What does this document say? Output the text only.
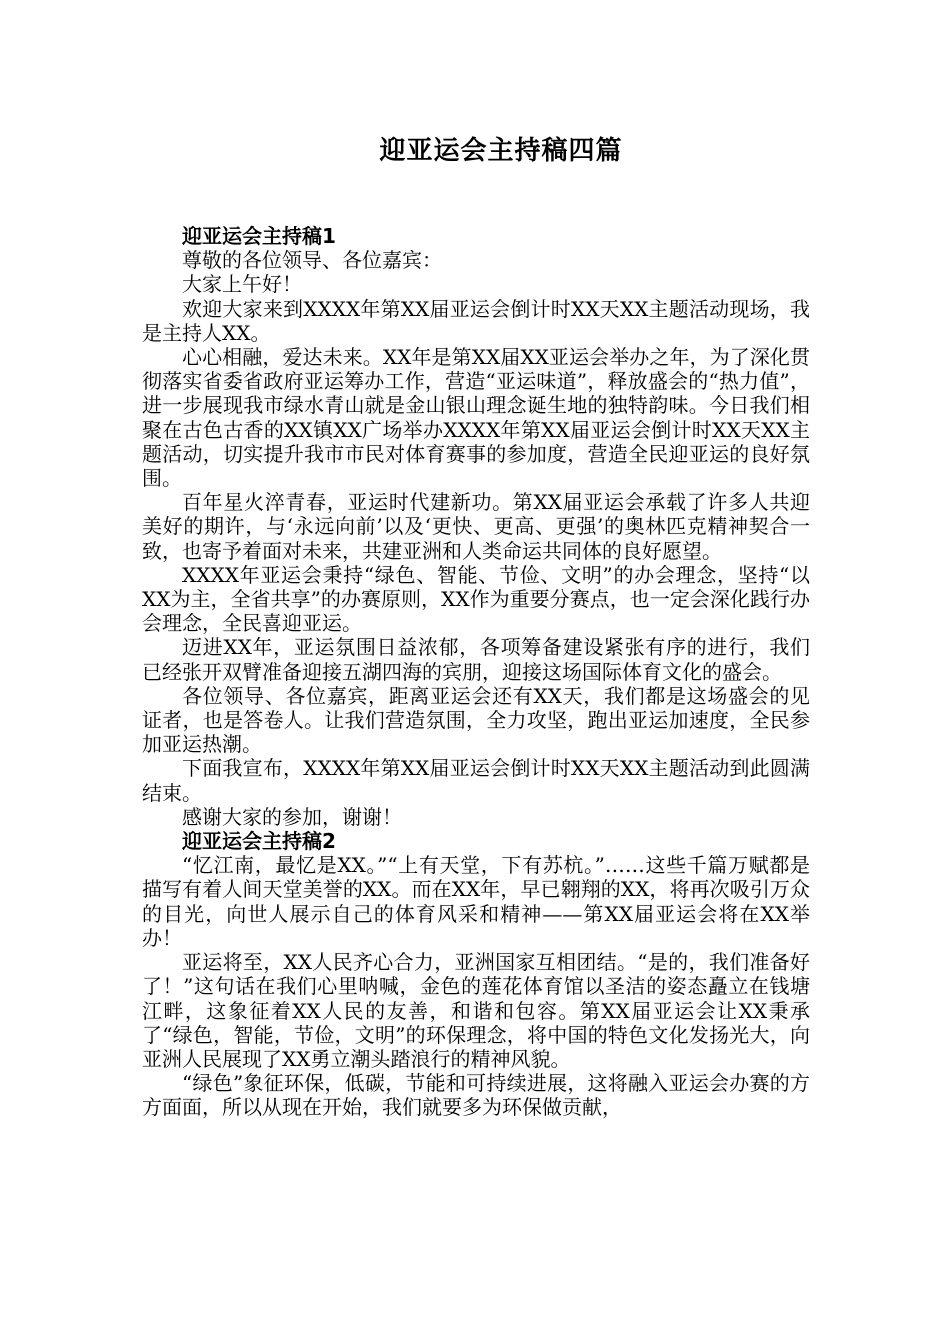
迎亚运会主持稿四篇

迎亚运会主持稿1

尊敬的各位领导、各位嘉宾：

大家上午好！

欢迎大家来到XXXX年第XX届亚运会倒计时XX天XX主题活动现场，我是主持人XX。

心心相融，爱达未来。XX年是第XX届XX亚运会举办之年，为了深化贯彻落实省委省政府亚运筹办工作，营造“亚运味道”，释放盛会的“热力值”，进一步展现我市绿水青山就是金山银山理念诞生地的独特韵味。今日我们相聚在古色古香的XX镇XX广场举办XXXX年第XX届亚运会倒计时XX天XX主题活动，切实提升我市市民对体育赛事的参加度，营造全民迎亚运的良好氛围。

百年星火淬青春，亚运时代建新功。第XX届亚运会承载了许多人共迎美好的期许，与‘永远向前’以及‘更快、更高、更强’的奥林匹克精神契合一致，也寄予着面对未来，共建亚洲和人类命运共同体的良好愿望。

XXXX年亚运会秉持“绿色、智能、节俭、文明”的办会理念，坚持“以XX为主，全省共享”的办赛原则，XX作为重要分赛点，也一定会深化践行办会理念，全民喜迎亚运。

迈进XX年，亚运氛围日益浓郁，各项筹备建设紧张有序的进行，我们已经张开双臂准备迎接五湖四海的宾朋，迎接这场国际体育文化的盛会。

各位领导、各位嘉宾，距离亚运会还有XX天，我们都是这场盛会的见证者，也是答卷人。让我们营造氛围，全力攻坚，跑出亚运加速度，全民参加亚运热潮。

下面我宣布，XXXX年第XX届亚运会倒计时XX天XX主题活动到此圆满结束。

感谢大家的参加，谢谢！

迎亚运会主持稿2

“忆江南，最忆是XX。”“上有天堂，下有苏杭。”……这些千篇万赋都是描写有着人间天堂美誉的XX。而在XX年，早已翱翔的XX，将再次吸引万众的目光，向世人展示自己的体育风采和精神——第XX届亚运会将在XX举办！

亚运将至，XX人民齐心合力，亚洲国家互相团结。“是的，我们准备好了！”这句话在我们心里呐喊，金色的莲花体育馆以圣洁的姿态矗立在钱塘江畔，这象征着XX人民的友善，和谐和包容。第XX届亚运会让XX秉承了“绿色，智能，节俭，文明”的环保理念，将中国的特色文化发扬光大，向亚洲人民展现了XX勇立潮头踏浪行的精神风貌。

“绿色”象征环保，低碳，节能和可持续进展，这将融入亚运会办赛的方方面面，所以从现在开始，我们就要多为环保做贡献，
